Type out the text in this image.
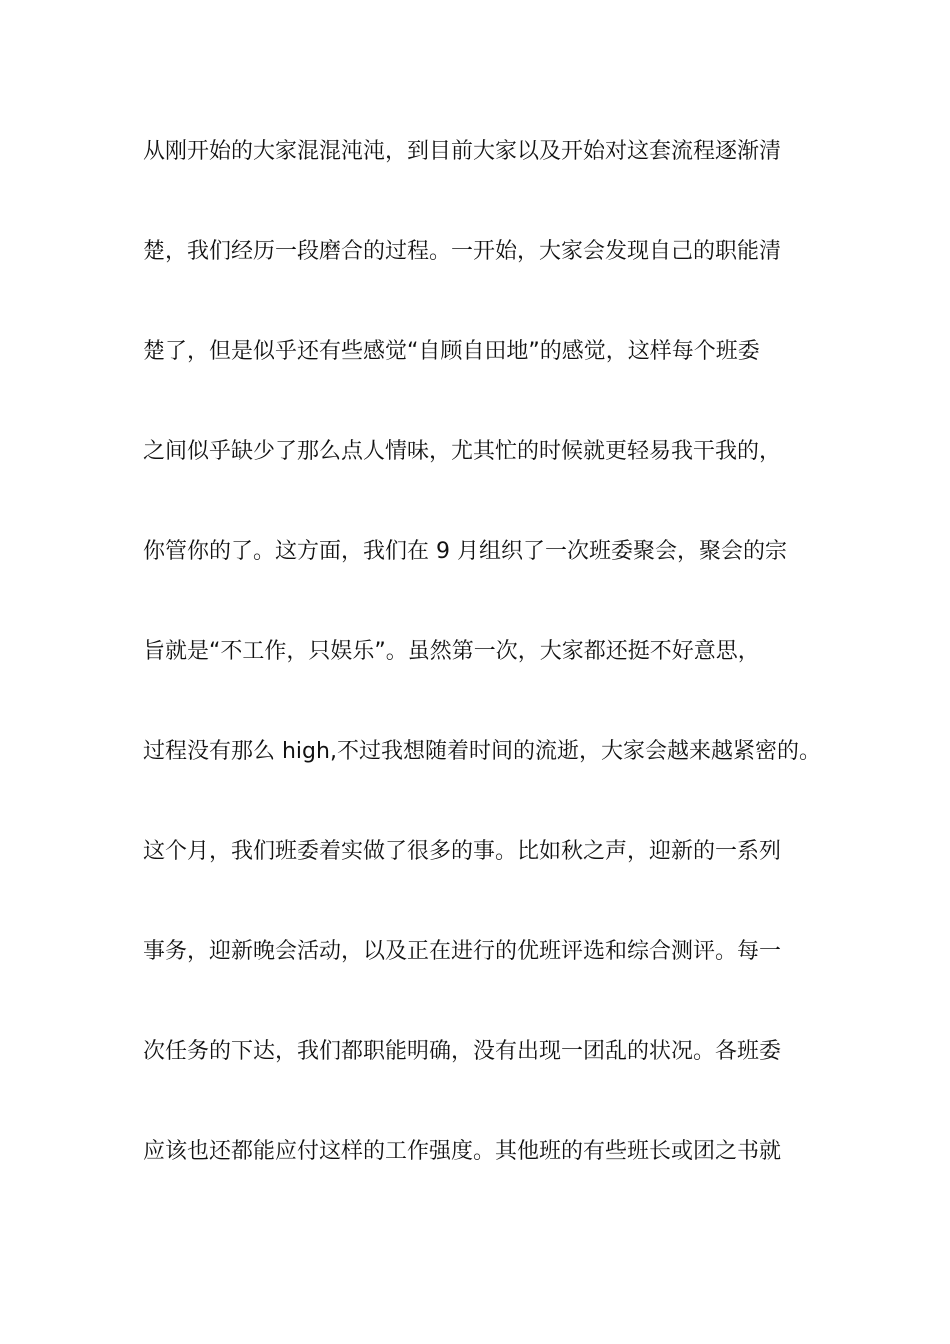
从刚开始的大家混混沌沌，到目前大家以及开始对这套流程逐渐清
楚，我们经历一段磨合的过程。一开始，大家会发现自己的职能清
楚了，但是似乎还有些感觉“自顾自田地”的感觉，这样每个班委
之间似乎缺少了那么点人情味，尤其忙的时候就更轻易我干我的，
你管你的了。这方面，我们在 9 月组织了一次班委聚会，聚会的宗
旨就是“不工作，只娱乐”。虽然第一次，大家都还挺不好意思，
过程没有那么 high,不过我想随着时间的流逝，大家会越来越紧密的。
这个月，我们班委着实做了很多的事。比如秋之声，迎新的一系列
事务，迎新晚会活动，以及正在进行的优班评选和综合测评。每一
次任务的下达，我们都职能明确，没有出现一团乱的状况。各班委
应该也还都能应付这样的工作强度。其他班的有些班长或团之书就
